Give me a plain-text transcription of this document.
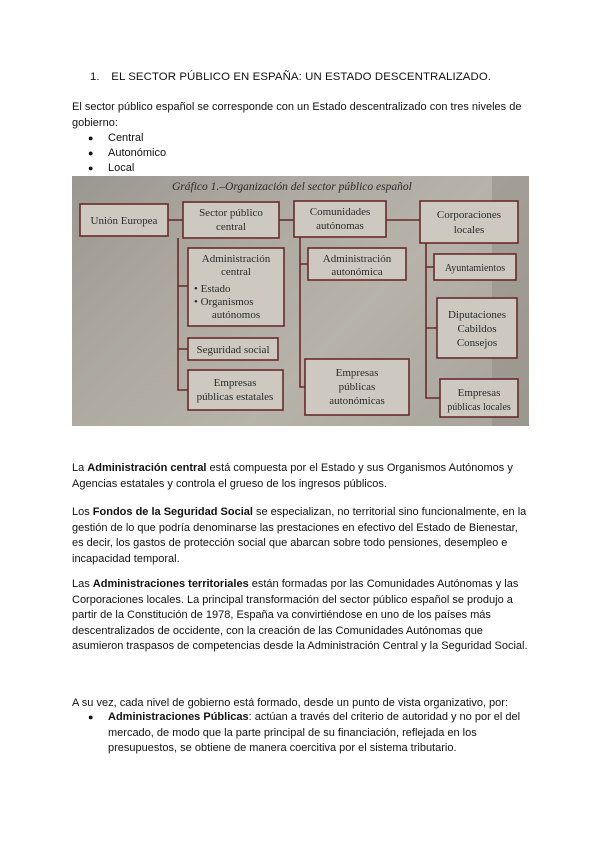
1. EL SECTOR PÚBLICO EN ESPAÑA: UN ESTADO DESCENTRALIZADO.
El sector público español se corresponde con un Estado descentralizado con tres niveles de gobierno:
● Central
● Autonómico
● Local
Gráfico 1.–Organización del sector público español
Unión Europea
Sector público
central
Comunidades
autónomas
Corporaciones
locales
Administración
central
• Estado
• Organismos
autónomos
Seguridad social
Empresas
públicas estatales
Administración
autonómica
Empresas
públicas
autonómicas
Ayuntamientos
Diputaciones
Cabildos
Consejos
Empresas
públicas locales
La Administración central está compuesta por el Estado y sus Organismos Autónomos y Agencias estatales y controla el grueso de los ingresos públicos.
Los Fondos de la Seguridad Social se especializan, no territorial sino funcionalmente, en la gestión de lo que podría denominarse las prestaciones en efectivo del Estado de Bienestar, es decir, los gastos de protección social que abarcan sobre todo pensiones, desempleo e incapacidad temporal.
Las Administraciones territoriales están formadas por las Comunidades Autónomas y las Corporaciones locales. La principal transformación del sector público español se produjo a partir de la Constitución de 1978, España va convirtiéndose en uno de los países más descentralizados de occidente, con la creación de las Comunidades Autónomas que asumieron traspasos de competencias desde la Administración Central y la Seguridad Social.
A su vez, cada nivel de gobierno está formado, desde un punto de vista organizativo, por:
● Administraciones Públicas: actúan a través del criterio de autoridad y no por el del mercado, de modo que la parte principal de su financiación, reflejada en los presupuestos, se obtiene de manera coercitiva por el sistema tributario.
